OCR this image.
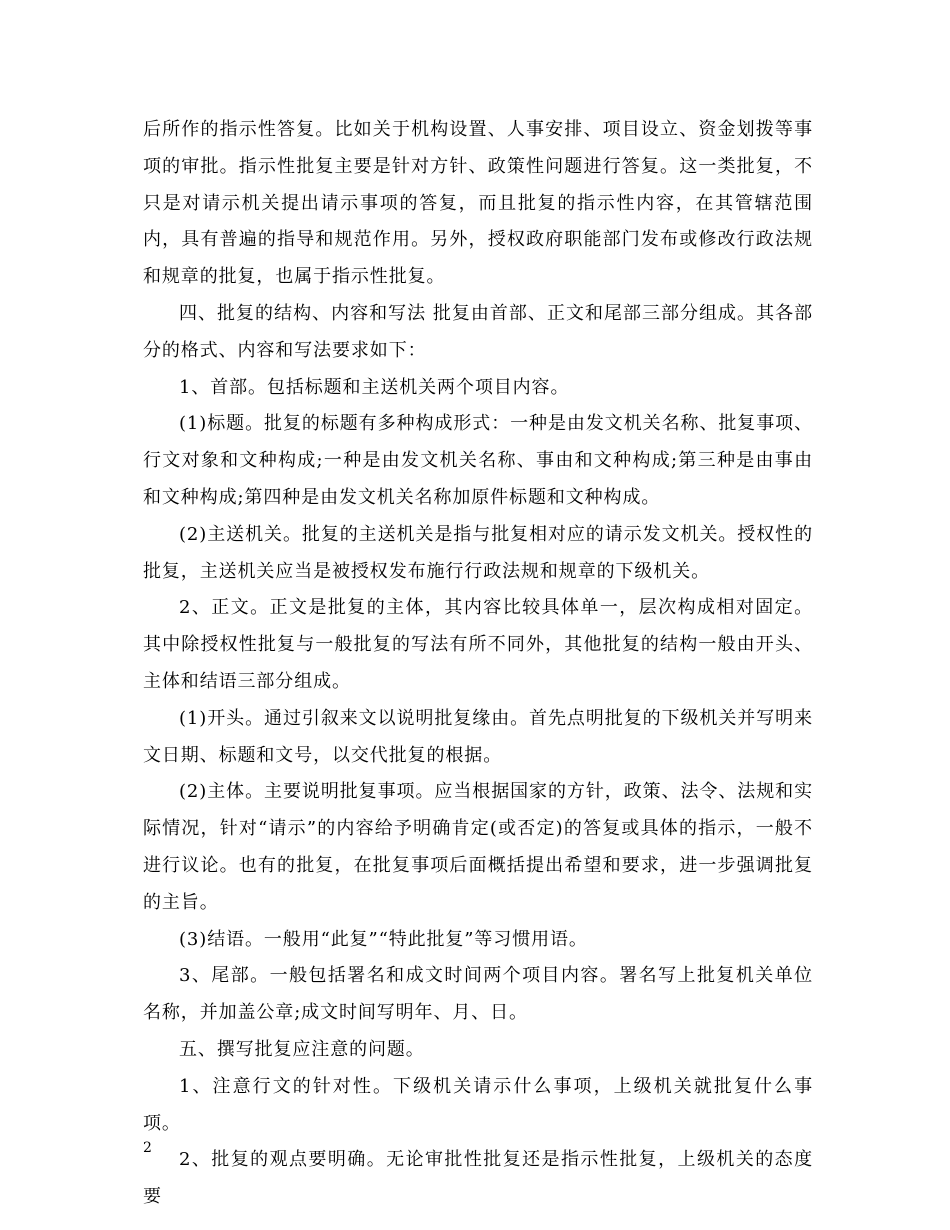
后所作的指示性答复。比如关于机构设置、人事安排、项目设立、资金划拨等事项的审批。指示性批复主要是针对方针、政策性问题进行答复。这一类批复，不只是对请示机关提出请示事项的答复，而且批复的指示性内容，在其管辖范围内，具有普遍的指导和规范作用。另外，授权政府职能部门发布或修改行政法规和规章的批复，也属于指示性批复。

四、批复的结构、内容和写法 批复由首部、正文和尾部三部分组成。其各部分的格式、内容和写法要求如下：

1、首部。包括标题和主送机关两个项目内容。

(1)标题。批复的标题有多种构成形式：一种是由发文机关名称、批复事项、行文对象和文种构成;一种是由发文机关名称、事由和文种构成;第三种是由事由和文种构成;第四种是由发文机关名称加原件标题和文种构成。

(2)主送机关。批复的主送机关是指与批复相对应的请示发文机关。授权性的批复，主送机关应当是被授权发布施行行政法规和规章的下级机关。

2、正文。正文是批复的主体，其内容比较具体单一，层次构成相对固定。其中除授权性批复与一般批复的写法有所不同外，其他批复的结构一般由开头、主体和结语三部分组成。

(1)开头。通过引叙来文以说明批复缘由。首先点明批复的下级机关并写明来文日期、标题和文号，以交代批复的根据。

(2)主体。主要说明批复事项。应当根据国家的方针，政策、法令、法规和实际情况，针对“请示”的内容给予明确肯定(或否定)的答复或具体的指示，一般不进行议论。也有的批复，在批复事项后面概括提出希望和要求，进一步强调批复的主旨。

(3)结语。一般用“此复”“特此批复”等习惯用语。

3、尾部。一般包括署名和成文时间两个项目内容。署名写上批复机关单位名称，并加盖公章;成文时间写明年、月、日。

五、撰写批复应注意的问题。

1、注意行文的针对性。下级机关请示什么事项，上级机关就批复什么事项。

2、批复的观点要明确。无论审批性批复还是指示性批复，上级机关的态度要

2
